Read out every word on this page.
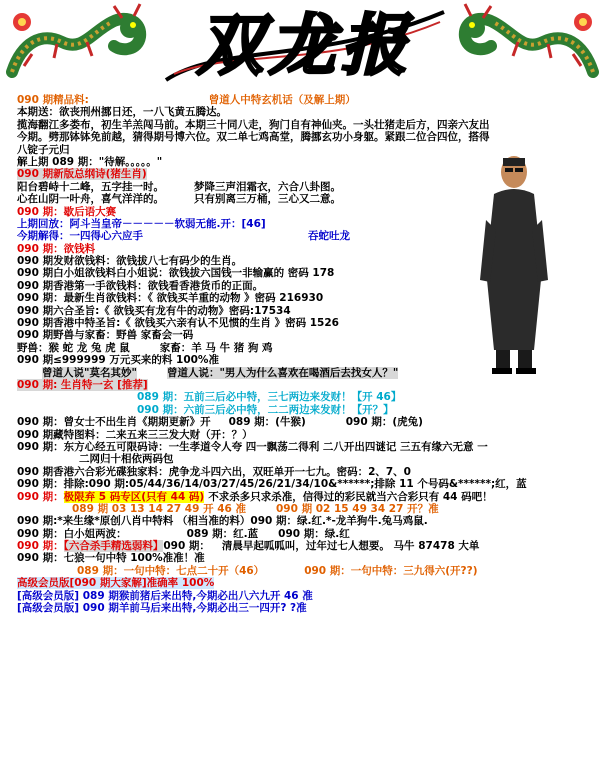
双龙报
090 期精品料:	曾道人中特玄机话（及解上期）
本期送：欲丧刑州挪日还，一八飞黄五腾达。
揽海翻江多娄布，初生羊羔闯马前。本期三十同八走，狗门自有神仙夹。一头壮猪走后方，四亲六友出
今期。劈那钵钵免前越，猜得期号博六位。双二单七鸡高堂，腾挪玄功小身躯。紧跟二位合四位，搭得
八锭子元归
解上期 089 期："待解。。。。。"
090 期新版总纲诗(猪生肖)
阳台碧峙十二峰，五字挂一时。	梦降三声泪霜衣，六合八卦图。
心在山阴一叶舟，喜气洋洋的。	只有别离三万桶，三心又二意。
090 期：歇后语大赛
上期回放：阿斗当皇帝－－－－－软弱无能.开：[46]
今期解得：一四得心六应手	吞蛇吐龙
090 期：欲钱料
090 期发财欲钱料：欲钱拔八七有码少的生肖。
090 期白小姐欲钱料白小姐说：欲钱拔六国钱一非输赢的 密码 178
090 期香港第一手欲钱料：欲钱看香港货币的正面。
090 期：最新生肖欲钱料：《 欲钱买羊重的动物 》密码 216930
090 期六合圣旨:《 欲钱买有龙有牛的动物》密码:17534
090 期香港中特圣旨:《 欲钱买六亲有认不见惯的生肖 》密码 1526
090 期野兽与家畜：野兽 家畜会一码
野兽：猴 蛇 龙 兔 虎 鼠	家畜：羊 马 牛 猪 狗 鸡
090 期≤999999 万元买来的料 100%准
曾道人说"莫名其妙"	曾道人说："男人为什么喜欢在喝酒后去找女人？"
090 期: 生肖特一玄 [推荐]
089 期：五前三后必中特，三七两边来发财！【开 46】
090 期：六前三后必中特，二二两边来发财！【开？】
090 期：曾女士不出生肖《期期更新》开 089 期：(牛猴)	090 期：(虎兔)
090 期藏特图料：二来五来三三发大财（开：？）
090 期：东方心经五可限码诗：一生孝道令人夸 四一飘荡二得利 二八开出四谜记 三五有缘六无意 一
二网归十相依两码包
090 期香港六合彩光碟独家料：虎争龙斗四六出，双旺单开一七九。密码：2、7、0
090 期：排除:090 期:05/44/36/14/03/27/45/26/21/34/10&******;排除 11 个号码&******;红，蓝
090 期：极限弃 5 码专区(只有 44 码) 不求杀多只求杀准，信得过的彩民就当六合彩只有 44 码吧！
089 期 03 13 14 27 49 开 46 准	090 期 02 15 49 34 27 开？准
090 期:*来生缘*原创八肖中特料 （相当准的料）090 期：绿.红.*-龙羊狗牛.兔马鸡鼠.
090 期：白小姐两波：	089 期：红.蓝 090 期：绿.红
090 期：【六合杀手精选弱料】090 期： 清晨早起呱呱叫，过年过七人想要。 马牛 87478 大单
090 期：七狼一句中特 100%准准！准
089 期：一句中特：七点二十开（46）	090 期：一句中特：三九得六(开??)
高级会员版[090 期大家解]准确率 100%
[高级会员版] 089 期猴前猪后来出特,今期必出八六九开 46 准
[高级会员版] 090 期羊前马后来出特,今期必出三一四开? ?准
